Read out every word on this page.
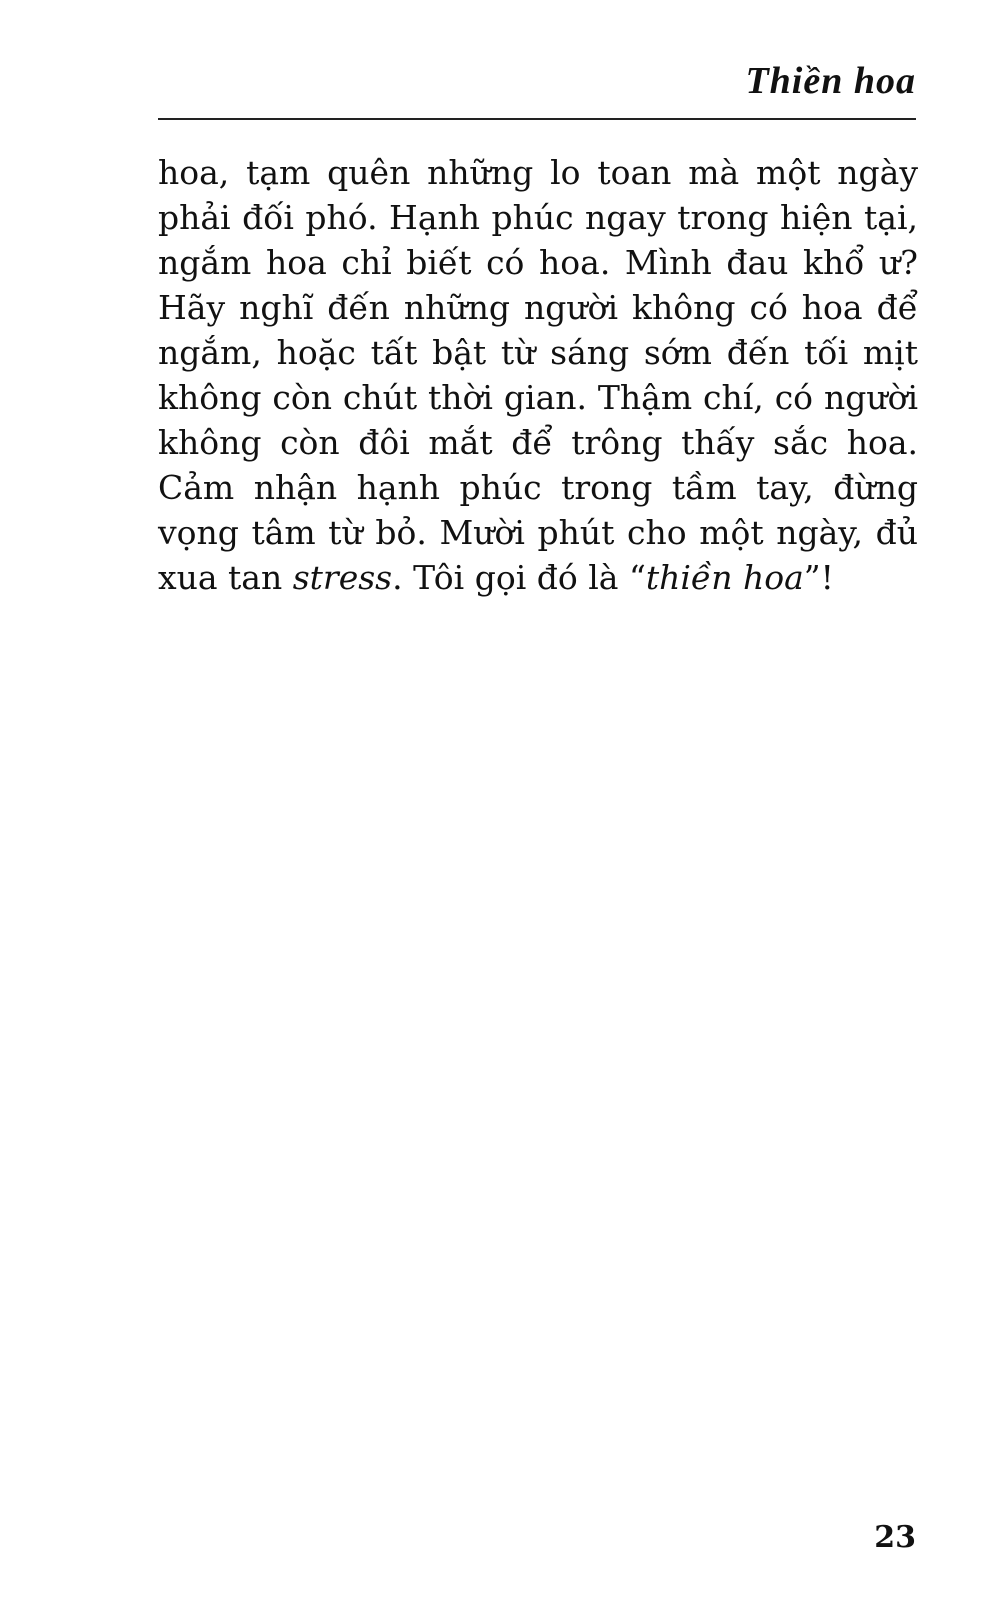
Thiền hoa
hoa, tạm quên những lo toan mà một ngày
phải đối phó. Hạnh phúc ngay trong hiện tại,
ngắm hoa chỉ biết có hoa. Mình đau khổ ư?
Hãy nghĩ đến những người không có hoa để
ngắm, hoặc tất bật từ sáng sớm đến tối mịt
không còn chút thời gian. Thậm chí, có người
không còn đôi mắt để trông thấy sắc hoa.
Cảm nhận hạnh phúc trong tầm tay, đừng
vọng tâm từ bỏ. Mười phút cho một ngày, đủ
xua tan stress. Tôi gọi đó là “thiền hoa”!
23
